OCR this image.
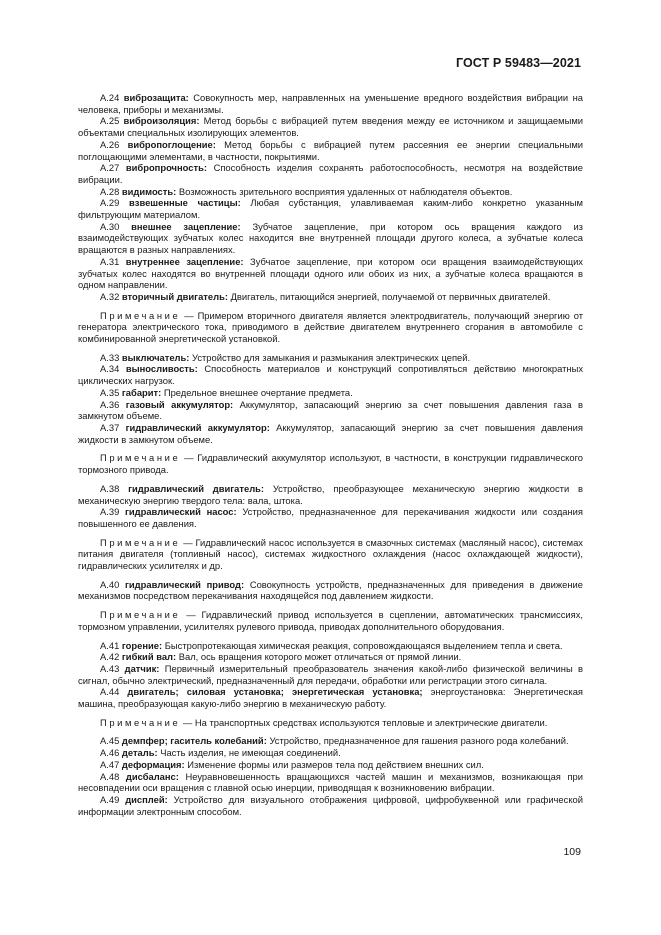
ГОСТ Р 59483—2021

А.24 виброзащита: Совокупность мер, направленных на уменьшение вредного воздействия вибрации на человека, приборы и механизмы.

А.25 виброизоляция: Метод борьбы с вибрацией путем введения между ее источником и защищаемыми объектами специальных изолирующих элементов.

А.26 вибропоглощение: Метод борьбы с вибрацией путем рассеяния ее энергии специальными поглощающими элементами, в частности, покрытиями.

А.27 вибропрочность: Способность изделия сохранять работоспособность, несмотря на воздействие вибрации.

А.28 видимость: Возможность зрительного восприятия удаленных от наблюдателя объектов.

А.29 взвешенные частицы: Любая субстанция, улавливаемая каким-либо конкретно указанным фильтрующим материалом.

А.30 внешнее зацепление: Зубчатое зацепление, при котором ось вращения каждого из взаимодействующих зубчатых колес находится вне внутренней площади другого колеса, а зубчатые колеса вращаются в разных направлениях.

А.31 внутреннее зацепление: Зубчатое зацепление, при котором оси вращения взаимодействующих зубчатых колес находятся во внутренней площади одного или обоих из них, а зубчатые колеса вращаются в одном направлении.

А.32 вторичный двигатель: Двигатель, питающийся энергией, получаемой от первичных двигателей.

Примечание — Примером вторичного двигателя является электродвигатель, получающий энергию от генератора электрического тока, приводимого в действие двигателем внутреннего сгорания в автомобиле с комбинированной энергетической установкой.

А.33 выключатель: Устройство для замыкания и размыкания электрических цепей.

А.34 выносливость: Способность материалов и конструкций сопротивляться действию многократных циклических нагрузок.

А.35 габарит: Предельное внешнее очертание предмета.

А.36 газовый аккумулятор: Аккумулятор, запасающий энергию за счет повышения давления газа в замкнутом объеме.

А.37 гидравлический аккумулятор: Аккумулятор, запасающий энергию за счет повышения давления жидкости в замкнутом объеме.

Примечание — Гидравлический аккумулятор используют, в частности, в конструкции гидравлического тормозного привода.

А.38 гидравлический двигатель: Устройство, преобразующее механическую энергию жидкости в механическую энергию твердого тела: вала, штока.

А.39 гидравлический насос: Устройство, предназначенное для перекачивания жидкости или создания повышенного ее давления.

Примечание — Гидравлический насос используется в смазочных системах (масляный насос), системах питания двигателя (топливный насос), системах жидкостного охлаждения (насос охлаждающей жидкости), гидравлических усилителях и др.

А.40 гидравлический привод: Совокупность устройств, предназначенных для приведения в движение механизмов посредством перекачивания находящейся под давлением жидкости.

Примечание — Гидравлический привод используется в сцеплении, автоматических трансмиссиях, тормозном управлении, усилителях рулевого привода, приводах дополнительного оборудования.

А.41 горение: Быстропротекающая химическая реакция, сопровождающаяся выделением тепла и света.

А.42 гибкий вал: Вал, ось вращения которого может отличаться от прямой линии.

А.43 датчик: Первичный измерительный преобразователь значения какой-либо физической величины в сигнал, обычно электрический, предназначенный для передачи, обработки или регистрации этого сигнала.

А.44 двигатель; силовая установка; энергетическая установка; энергоустановка: Энергетическая машина, преобразующая какую-либо энергию в механическую работу.

Примечание — На транспортных средствах используются тепловые и электрические двигатели.

А.45 демпфер; гаситель колебаний: Устройство, предназначенное для гашения разного рода колебаний.

А.46 деталь: Часть изделия, не имеющая соединений.

А.47 деформация: Изменение формы или размеров тела под действием внешних сил.

А.48 дисбаланс: Неуравновешенность вращающихся частей машин и механизмов, возникающая при несовпадении оси вращения с главной осью инерции, приводящая к возникновению вибрации.

А.49 дисплей: Устройство для визуального отображения цифровой, цифробуквенной или графической информации электронным способом.

109
